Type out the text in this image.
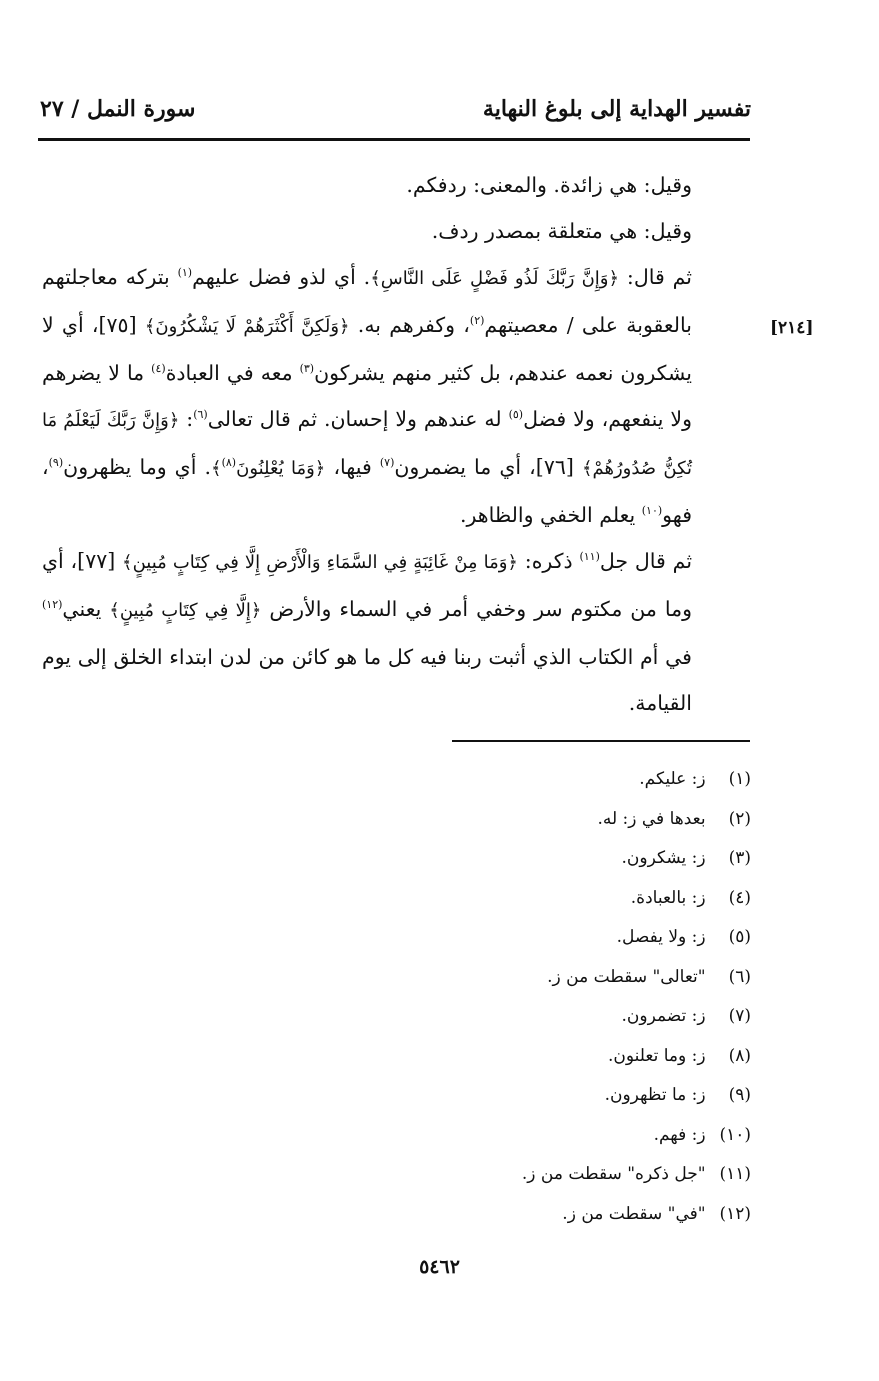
تفسير الهداية إلى بلوغ النهاية
سورة النمل / ٢٧
[٢١٤]

وقيل: هي زائدة. والمعنى: ردفكم.

وقيل: هي متعلقة بمصدر ردف.

ثم قال: ﴿وَإِنَّ رَبَّكَ لَذُو فَضْلٍ عَلَى النَّاسِ﴾. أي لذو فضل عليهم$^{(١)}$ بتركه معاجلتهم بالعقوبة على / معصيتهم$^{(٢)}$، وكفرهم به. ﴿وَلَكِنَّ أَكْثَرَهُمْ لَا يَشْكُرُونَ﴾ [٧٥]، أي لا يشكرون نعمه عندهم، بل كثير منهم يشركون$^{(٣)}$ معه في العبادة$^{(٤)}$ ما لا يضرهم ولا ينفعهم، ولا فضل$^{(٥)}$ له عندهم ولا إحسان. ثم قال تعالى$^{(٦)}$: ﴿وَإِنَّ رَبَّكَ لَيَعْلَمُ مَا تُكِنُّ صُدُورُهُمْ﴾ [٧٦]، أي ما يضمرون$^{(٧)}$ فيها، ﴿وَمَا يُعْلِنُونَ$^{(٨)}$﴾. أي وما يظهرون$^{(٩)}$، فهو$^{(١٠)}$ يعلم الخفي والظاهر.

ثم قال جل$^{(١١)}$ ذكره: ﴿وَمَا مِنْ غَائِبَةٍ فِي السَّمَاءِ وَالْأَرْضِ إِلَّا فِي كِتَابٍ مُبِينٍ﴾ [٧٧]، أي وما من مكتوم سر وخفي أمر في السماء والأرض ﴿إِلَّا فِي كِتَابٍ مُبِينٍ﴾ يعني$^{(١٢)}$ في أم الكتاب الذي أثبت ربنا فيه كل ما هو كائن من لدن ابتداء الخلق إلى يوم القيامة.

(١) ز: عليكم.
(٢) بعدها في ز: له.
(٣) ز: يشكرون.
(٤) ز: بالعبادة.
(٥) ز: ولا يفصل.
(٦) "تعالى" سقطت من ز.
(٧) ز: تضمرون.
(٨) ز: وما تعلنون.
(٩) ز: ما تظهرون.
(١٠) ز: فهم.
(١١) "جل ذكره" سقطت من ز.
(١٢) "في" سقطت من ز.
٥٤٦٢
